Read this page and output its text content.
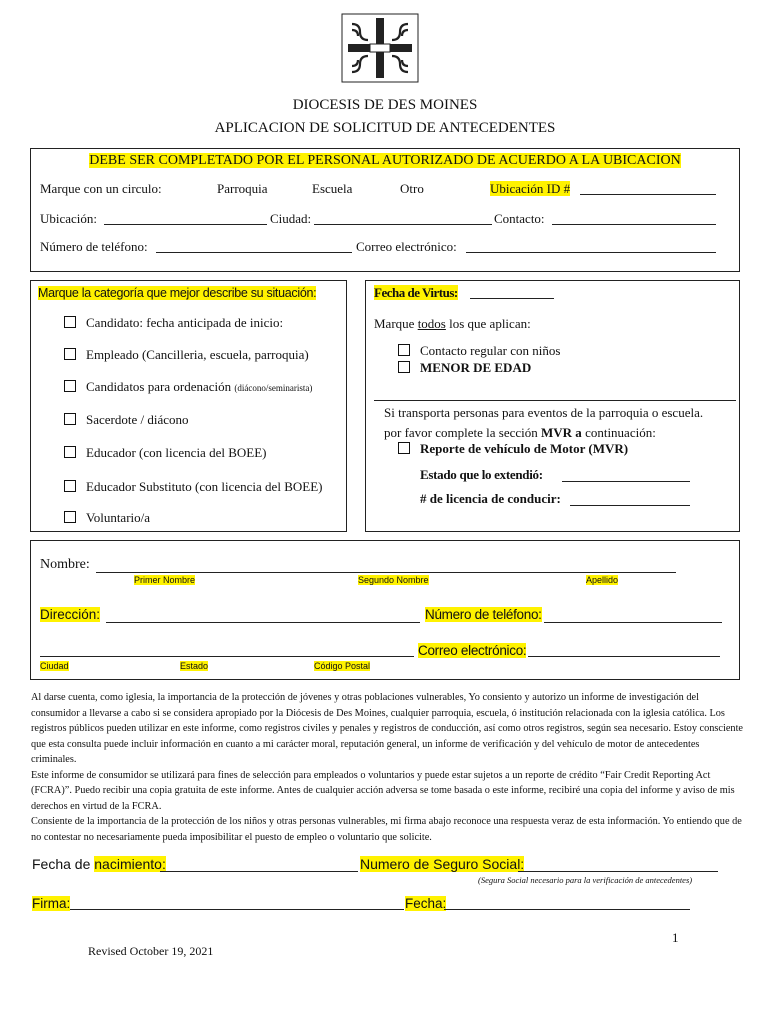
DIOCESIS DE DES MOINES
APLICACION DE SOLICITUD DE ANTECEDENTES
DEBE SER COMPLETADO POR EL PERSONAL AUTORIZADO DE ACUERDO A LA UBICACION
Marque con un circulo:	Parroquia	Escuela	Otro	Ubicación ID #
Ubicación:	Ciudad:	Contacto:
Número de teléfono:	Correo electrónico:
Marque la categoría que mejor describe su situación:
Candidato: fecha anticipada de inicio:
Empleado (Cancilleria, escuela, parroquia)
Candidatos para ordenación (diácono/seminarista)
Sacerdote / diácono
Educador (con licencia del BOEE)
Educador Substituto (con licencia del BOEE)
Voluntario/a
Fecha de Virtus:
Marque todos los que aplican:
Contacto regular con niños
MENOR DE EDAD
Si transporta personas para eventos de la parroquia o escuela.
por favor complete la sección MVR a continuación:
Reporte de vehículo de Motor (MVR)
Estado que lo extendió:
# de licencia de conducir:
Nombre:
Primer Nombre	Segundo Nombre	Apellido
Dirección:	Número de teléfono:
Correo electrónico:
Ciudad	Estado	Código Postal
Al darse cuenta, como iglesia, la importancia de la protección de jóvenes y otras poblaciones vulnerables, Yo consiento y autorizo un informe de investigación del consumidor a llevarse a cabo si se considera apropiado por la Diócesis de Des Moines, cualquier parroquia, escuela, ó institución relacionada con la iglesia católica. Los registros públicos pueden utilizar en este informe, como registros civiles y penales y registros de conducción, así como otros registros, según sea necesario. Estoy consciente que esta consulta puede incluir información en cuanto a mi carácter moral, reputación general, un informe de verificación y del vehículo de motor de antecedentes criminales.
Este informe de consumidor se utilizará para fines de selección para empleados o voluntarios y puede estar sujetos a un reporte de crédito “Fair Credit Reporting Act (FCRA)”. Puedo recibir una copia gratuita de este informe. Antes de cualquier acción adversa se tome basada o este informe, recibiré una copia del informe y aviso de mis derechos en virtud de la FCRA.
Consiente de la importancia de la protección de los niños y otras personas vulnerables, mi firma abajo reconoce una respuesta veraz de esta información. Yo entiendo que de no contestar no necesariamente pueda imposibilitar el puesto de empleo o voluntario que solicite.
Fecha de nacimiento:	Numero de Seguro Social:
(Segura Social necesario para la verificación de antecedentes)
Firma:	Fecha:
1
Revised October 19, 2021
